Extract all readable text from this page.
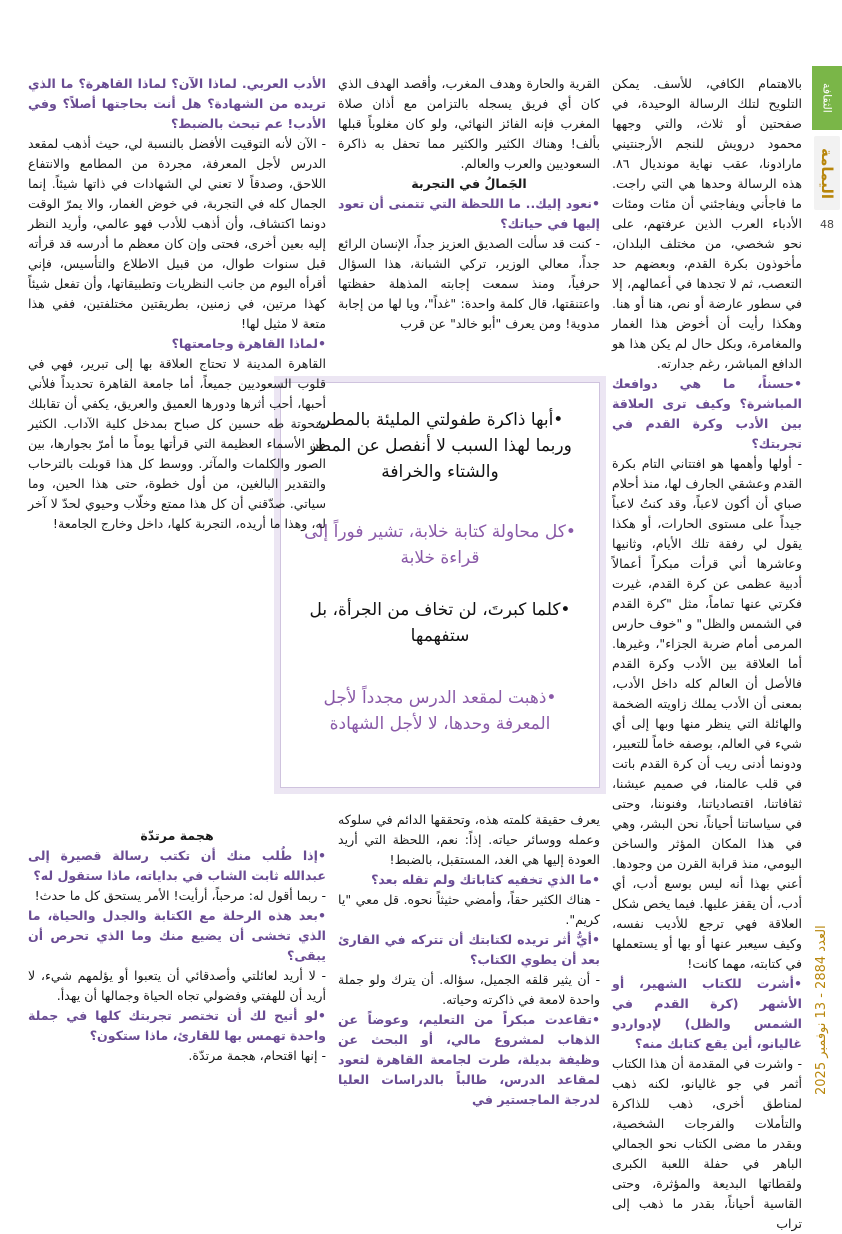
الثقافة
اليمامة
48
العدد 2884 - 13 نوفمبر 2025

بالاهتمام الكافي، للأسف. يمكن التلويح لتلك الرسالة الوحيدة، في صفحتين أو ثلاث، والتي وجهها محمود درويش للنجم الأرجنتيني مارادونا، عقب نهاية مونديال ٨٦. هذه الرسالة وحدها هي التي راجت. ما فاجأني ويفاجئني أن مئات ومئات الأدباء العرب الذين عرفتهم، على نحو شخصي، من مختلف البلدان، مأخوذون بكرة القدم، وبعضهم حد التعصب، ثم لا تجدها في أعمالهم، إلا في سطور عارضة أو نص، هنا أو هنا. وهكذا رأيت أن أخوض هذا الغمار والمغامرة، وبكل حال لم يكن هذا هو الدافع المباشر، رغم جدارته.

•حسناً، ما هي دوافعك المباشرة؟ وكيف ترى العلاقة بين الأدب وكرة القدم في تجربتك؟

- أولها وأهمها هو افتتاني التام بكرة القدم وعشقي الجارف لها، منذ أحلام صباي أن أكون لاعباً، وقد كنتُ لاعباً جيداً على مستوى الحارات، أو هكذا يقول لي رفقة تلك الأيام، وثانيها وعاشرها أني قرأت مبكراً أعمالاً أدبية عظمى عن كرة القدم، غيرت فكرتي عنها تماماً، مثل "كرة القدم في الشمس والظل" و "خوف حارس المرمى أمام ضربة الجزاء"، وغيرها. أما العلاقة بين الأدب وكرة القدم فالأصل أن العالم كله داخل الأدب، بمعنى أن الأدب يملك زاويته الضخمة والهائلة التي ينظر منها وبها إلى أي شيء في العالم، بوصفه خاماً للتعبير، ودونما أدنى ريب أن كرة القدم باتت في قلب عالمنا، في صميم عيشنا، ثقافاتنا، اقتصادياتنا، وفنوننا، وحتى في سياساتنا أحياناً، نحن البشر، وهي في هذا المكان المؤثر والساخن اليومي، منذ قرابة القرن من وجودها. أعني بهذا أنه ليس بوسع أدب، أي أدب، أن يقفز عليها. فيما يخص شكل العلاقة فهي ترجع للأديب نفسه، وكيف سيعبر عنها أو بها أو يستعملها في كتابته، مهما كانت!

•أشرت للكتاب الشهير، أو الأشهر (كرة القدم في الشمس والظل) لإدواردو غاليانو، أين يقع كتابك منه؟

- واشرت في المقدمة أن هذا الكتاب أثمر في جو غاليانو، لكنه ذهب لمناطق أخرى، ذهب للذاكرة والتأملات والفرجات الشخصية، وبقدر ما مضى الكتاب نحو الجمالي الباهر في حفلة اللعبة الكبرى ولقطاتها البديعة والمؤثرة، وحتى القاسية أحياناً، بقدر ما ذهب إلى تراب

القرية والحارة وهدف المغرب، وأقصد الهدف الذي كان أي فريق يسجله بالتزامن مع أذان صلاة المغرب فإنه الفائز النهائي، ولو كان مغلوباً قبلها بألف! وهناك الكثير والكثير مما تحفل به ذاكرة السعوديين والعرب والعالم.

الجَمالُ في التجربة

•نعود إليك.. ما اللحظة التي تتمنى أن تعود إليها في حياتك؟

- كنت قد سألت الصديق العزيز جداً، الإنسان الرائع جداً، معالي الوزير، تركي الشبانة، هذا السؤال حرفياً، ومنذ سمعت إجابته المذهلة حفظتها واعتنقتها، قال كلمة واحدة: "غداً"، ويا لها من إجابة مدوية! ومن يعرف "أبو خالد" عن قرب

•أبها ذاكرة طفولتي المليئة بالمطر، وربما لهذا السبب لا أنفصل عن المطر والشتاء والخرافة

•كل محاولة كتابة خلابة، تشير فوراً إلى قراءة خلابة

•كلما كبرتَ، لن تخاف من الجرأة، بل ستفهمها

•ذهبت لمقعد الدرس مجدداً لأجل المعرفة وحدها، لا لأجل الشهادة

يعرف حقيقة كلمته هذه، وتحققها الدائم في سلوكه وعمله ووسائر حياته. إذاً: نعم، اللحظة التي أريد العودة إليها هي الغد، المستقبل، بالضبط!

•ما الذي تخفيه كتاباتك ولم تقله بعد؟

- هناك الكثير حقاً، وأمضي حثيثاً نحوه. قل معي "يا كريم".

•أيُّ أثر تريده لكتابتك أن تتركه في القارئ بعد أن يطوي الكتاب؟

- أن يثير قلقه الجميل، سؤاله. أن يترك ولو جملة واحدة لامعة في ذاكرته وحياته.

•تقاعدت مبكراً من التعليم، وعوضاً عن الذهاب لمشروع مالي، أو البحث عن وظيفة بديلة، طرت لجامعة القاهرة لتعود لمقاعد الدرس، طالباً بالدراسات العليا لدرجة الماجستير في

الأدب العربي. لماذا الآن؟ لماذا القاهرة؟ ما الذي تريده من الشهادة؟ هل أنت بحاجتها أصلاً؟ وفي الأدب! عم تبحث بالضبط؟

- الآن لأنه التوقيت الأفضل بالنسبة لي، حيث أذهب لمقعد الدرس لأجل المعرفة، مجردة من المطامع والانتفاع اللاحق، وصدقاً لا تعني لي الشهادات في ذاتها شيئاً. إنما الجمال كله في التجربة، في خوض الغمار، والا يمرّ الوقت دونما اكتشاف، وأن أذهب للأدب فهو عالمي، وأريد النظر إليه بعين أخرى، فحتى وإن كان معظم ما أدرسه قد قرأته قبل سنوات طوال، من قبيل الاطلاع والتأسيس، فإني أقرأه اليوم من جانب النظريات وتطبيقاتها، وأن تفعل شيئاً كهذا مرتين، في زمنين، بطريقتين مختلفتين، ففي هذا متعة لا مثيل لها!

•لماذا القاهرة وجامعتها؟

القاهرة المدينة لا تحتاج العلاقة بها إلى تبرير، فهي في قلوب السعوديين جميعاً، أما جامعة القاهرة تحديداً فلأني أحبها، أحب أثرها ودورها العميق والعريق، يكفي أن تقابلك منحوتة طه حسين كل صباح بمدخل كلية الآداب. الكثير من الأسماء العظيمة التي قرأتها يوماً ما أمرّ بجوارها، بين الصور والكلمات والمآثر. ووسط كل هذا قوبلت بالترحاب والتقدير البالغين، من أول خطوة، حتى هذا الحين، وما سياتي. صدّقني أن كل هذا ممتع وخلّاب وحيوي لحدّ لا آخر له، وهذا ما أريده، التجربة كلها، داخل وخارج الجامعة!

هجمة مرتدّة

•إذا طُلب منك أن تكتب رسالة قصيرة إلى عبدالله ثابت الشاب في بداياته، ماذا ستقول له؟

- ربما أقول له: مرحباً، أرأيت! الأمر يستحق كل ما حدث!

•بعد هذه الرحلة مع الكتابة والجدل والحياة، ما الذي تخشى أن يضيع منك وما الذي تحرص أن يبقى؟

- لا أريد لعائلتي وأصدقائي أن يتعبوا أو يؤلمهم شيء، لا أريد أن للهفتي وفضولي تجاه الحياة وجمالها أن يهدأ.

•لو أتيح لك أن تختصر تجربتك كلها في جملة واحدة تهمس بها للقارئ، ماذا ستكون؟

- إنها اقتحام، هجمة مرتدّة.
